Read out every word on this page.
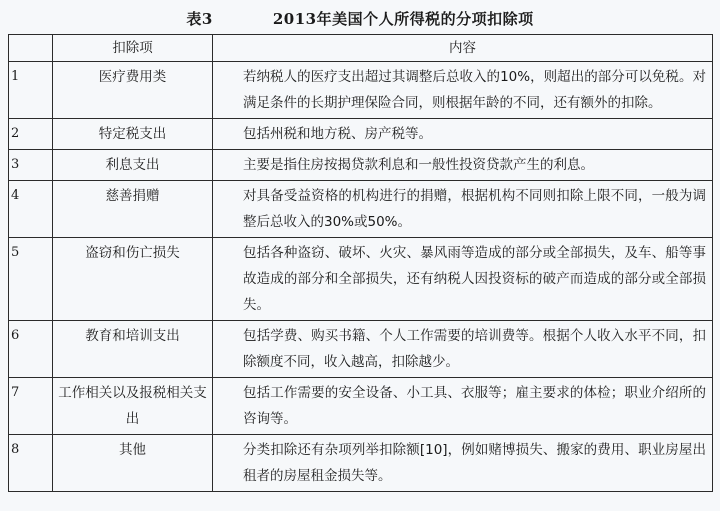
表3	2013年美国个人所得税的分项扣除项
	扣除项	内容
1	医疗费用类	若纳税人的医疗支出超过其调整后总收入的10%，则超出的部分可以免税。对满足条件的长期护理保险合同，则根据年龄的不同，还有额外的扣除。

2	特定税支出	包括州税和地方税、房产税等。

3	利息支出	主要是指住房按揭贷款利息和一般性投资贷款产生的利息。

4	慈善捐赠	对具备受益资格的机构进行的捐赠，根据机构不同则扣除上限不同，一般为调整后总收入的30%或50%。

5	盗窃和伤亡损失	包括各种盗窃、破坏、火灾、暴风雨等造成的部分或全部损失，及车、船等事故造成的部分和全部损失，还有纳税人因投资标的破产而造成的部分或全部损失。

6	教育和培训支出	包括学费、购买书籍、个人工作需要的培训费等。根据个人收入水平不同，扣除额度不同，收入越高，扣除越少。

7	工作相关以及报税相关支出	包括工作需要的安全设备、小工具、衣服等；雇主要求的体检；职业介绍所的咨询等。

8	其他	分类扣除还有杂项列举扣除额[10]，例如赌博损失、搬家的费用、职业房屋出租者的房屋租金损失等。
